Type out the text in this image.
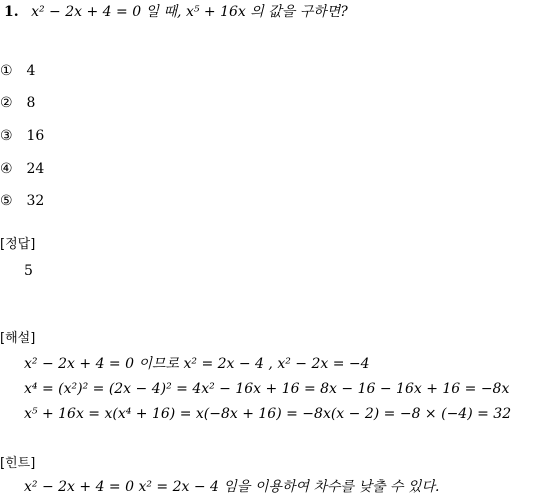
1. x² − 2x + 4 = 0 일 때, x⁵ + 16x 의 값을 구하면?
① 4
② 8
③ 16
④ 24
⑤ 32
[정답]
5
[해설]
x² − 2x + 4 = 0 이므로 x² = 2x − 4 , x² − 2x = −4
x⁴ = (x²)² = (2x − 4)² = 4x² − 16x + 16 = 8x − 16 − 16x + 16 = −8x
x⁵ + 16x = x(x⁴ + 16) = x(−8x + 16) = −8x(x − 2) = −8 × (−4) = 32
[힌트]
x² − 2x + 4 = 0 x² = 2x − 4 임을 이용하여 차수를 낮출 수 있다.
